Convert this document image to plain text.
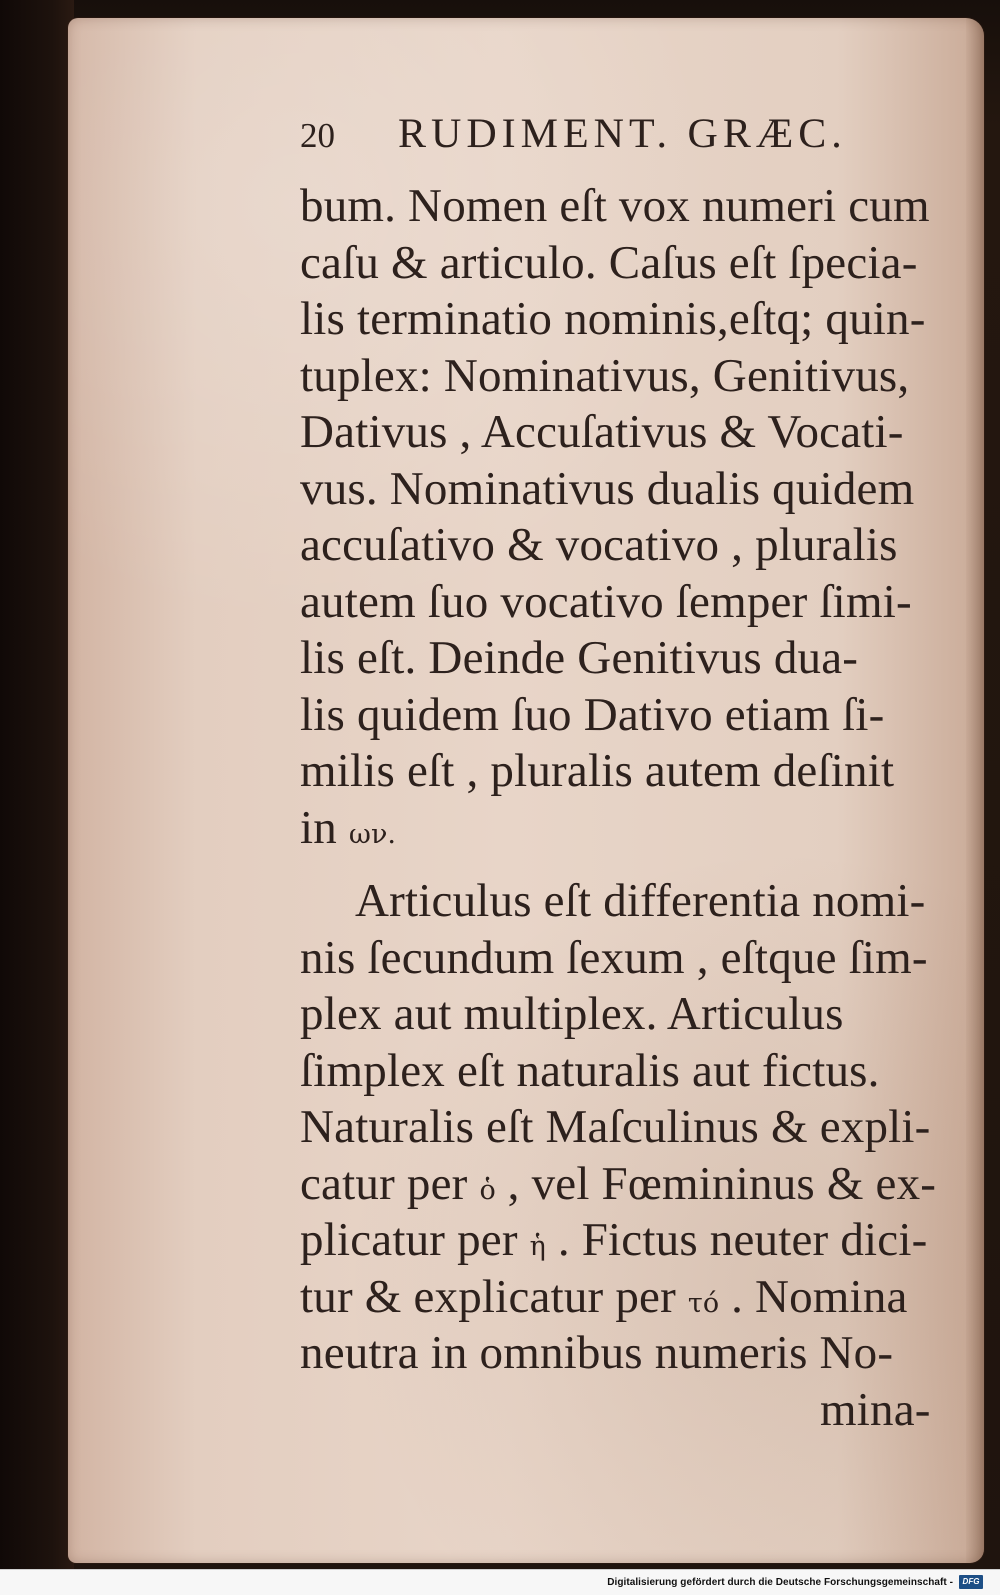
20 RUDIMENT. GRÆC.
bum. Nomen eſt vox numeri cum
caſu & articulo. Caſus eſt ſpecia-
lis terminatio nominis,eſtq; quin-
tuplex: Nominativus, Genitivus,
Dativus , Accuſativus & Vocati-
vus. Nominativus dualis quidem
accuſativo & vocativo , pluralis
autem ſuo vocativo ſemper ſimi-
lis eſt. Deinde Genitivus dua-
lis quidem ſuo Dativo etiam ſi-
milis eſt , pluralis autem deſinit
in ων.
Articulus eſt differentia nomi-
nis ſecundum ſexum , eſtque ſim-
plex aut multiplex. Articulus
ſimplex eſt naturalis aut fictus.
Naturalis eſt Maſculinus & expli-
catur per ὁ , vel Fœmininus & ex-
plicatur per ἡ . Fictus neuter dici-
tur & explicatur per τό . Nomina
neutra in omnibus numeris No-
mina-
Digitalisierung gefördert durch die Deutsche Forschungsgemeinschaft -	DFG
